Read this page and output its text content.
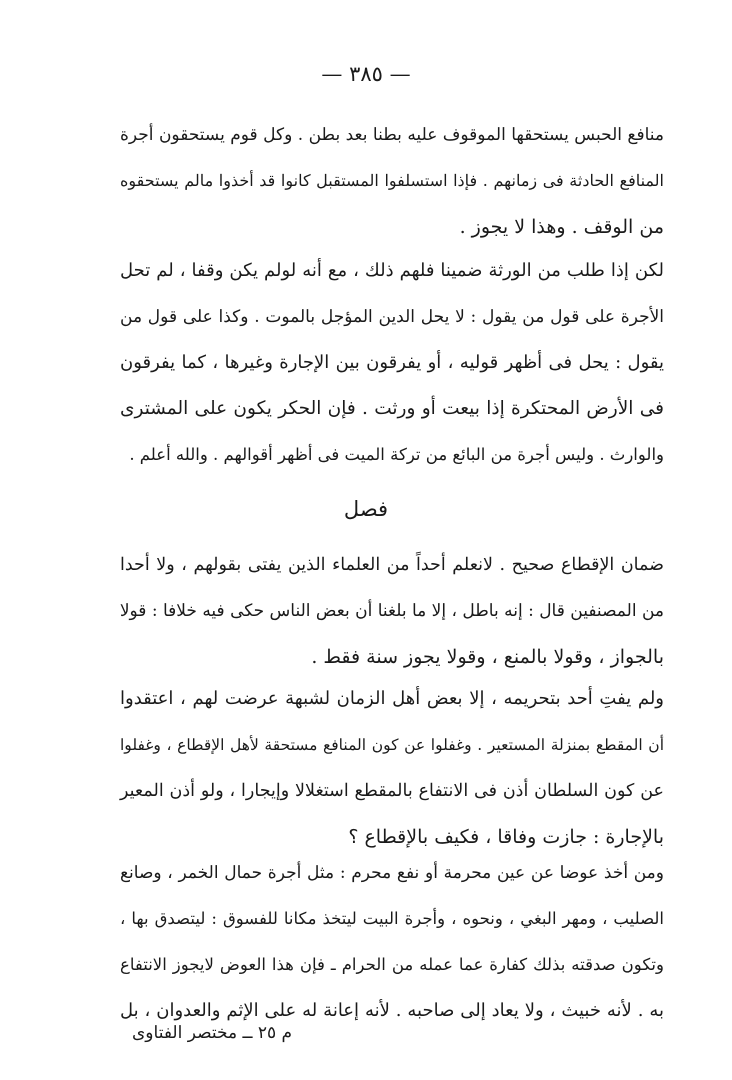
— ٣٨٥ —
منافع الحبس يستحقها الموقوف عليه بطنا بعد بطن . وكل قوم يستحقون أجرة
المنافع الحادثة فى زمانهم . فإذا استسلفوا المستقبل كانوا قد أخذوا مالم يستحقوه
من الوقف . وهذا لا يجوز .
لكن إذا طلب من الورثة ضمينا فلهم ذلك ، مع أنه لولم يكن وقفا ، لم تحل
الأجرة على قول من يقول : لا يحل الدين المؤجل بالموت . وكذا على قول من
يقول : يحل فى أظهر قوليه ، أو يفرقون بين الإجارة وغيرها ، كما يفرقون
فى الأرض المحتكرة إذا بيعت أو ورثت . فإن الحكر يكون على المشترى
والوارث . وليس أجرة من البائع من تركة الميت فى أظهر أقوالهم . والله أعلم .
فصل
ضمان الإقطاع صحيح . لانعلم أحداً من العلماء الذين يفتى بقولهم ، ولا أحدا
من المصنفين قال : إنه باطل ، إلا ما بلغنا أن بعض الناس حكى فيه خلافا : قولا
بالجواز ، وقولا بالمنع ، وقولا يجوز سنة فقط .
ولم يفتِ أحد بتحريمه ، إلا بعض أهل الزمان لشبهة عرضت لهم ، اعتقدوا
أن المقطع بمنزلة المستعير . وغفلوا عن كون المنافع مستحقة لأهل الإقطاع ، وغفلوا
عن كون السلطان أذن فى الانتفاع بالمقطع استغلالا وإيجارا ، ولو أذن المعير
بالإجارة : جازت وفاقا ، فكيف بالإقطاع ؟
ومن أخذ عوضا عن عين محرمة أو نفع محرم : مثل أجرة حمال الخمر ، وصانع
الصليب ، ومهر البغي ، ونحوه ، وأجرة البيت ليتخذ مكانا للفسوق : ليتصدق بها ،
وتكون صدقته بذلك كفارة عما عمله من الحرام ـ فإن هذا العوض لايجوز الانتفاع
به . لأنه خبيث ، ولا يعاد إلى صاحبه . لأنه إعانة له على الإثم والعدوان ، بل
م ٢٥ ــ مختصر الفتاوى
